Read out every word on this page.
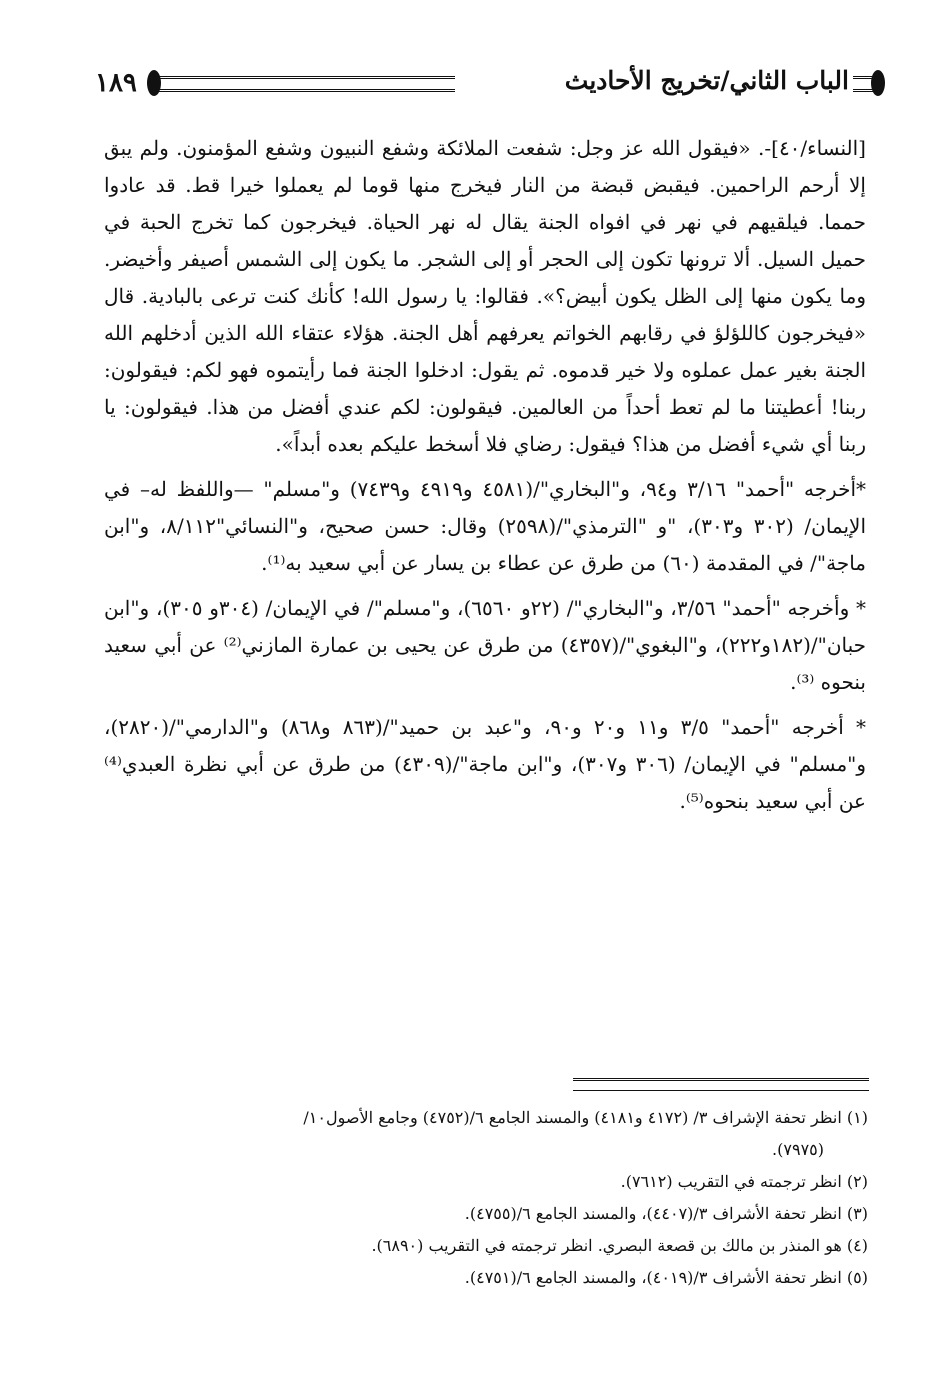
١٨٩	الباب الثاني/تخريج الأحاديث

[النساء/٤٠]-. «فيقول الله عز وجل: شفعت الملائكة وشفع النبيون وشفع المؤمنون. ولم يبق إلا أرحم الراحمين. فيقبض قبضة من النار فيخرج منها قوما لم يعملوا خيرا قط. قد عادوا حمما. فيلقيهم في نهر في افواه الجنة يقال له نهر الحياة. فيخرجون كما تخرج الحبة في حميل السيل. ألا ترونها تكون إلى الحجر أو إلى الشجر. ما يكون إلى الشمس أصيفر وأخيضر. وما يكون منها إلى الظل يكون أبيض؟». فقالوا: يا رسول الله! كأنك كنت ترعى بالبادية. قال «فيخرجون كاللؤلؤ في رقابهم الخواتم يعرفهم أهل الجنة. هؤلاء عتقاء الله الذين أدخلهم الله الجنة بغير عمل عملوه ولا خير قدموه. ثم يقول: ادخلوا الجنة فما رأيتموه فهو لكم: فيقولون: ربنا! أعطيتنا ما لم تعط أحداً من العالمين. فيقولون: لكم عندي أفضل من هذا. فيقولون: يا ربنا أي شيء أفضل من هذا؟ فيقول: رضاي فلا أسخط عليكم بعده أبداً».

*أخرجه "أحمد" ٣/١٦ و٩٤، و"البخاري"/(٤٥٨١ و٤٩١٩ و٧٤٣٩) و"مسلم" —واللفظ له– في الإيمان/ (٣٠٢ و٣٠٣)، "و "الترمذي"/(٢٥٩٨) وقال: حسن صحيح، و"النسائي"٨/١١٢، و"ابن ماجة"/ في المقدمة (٦٠) من طرق عن عطاء بن يسار عن أبي سعيد به⁽¹⁾.

* وأخرجه "أحمد" ٣/٥٦، و"البخاري"/ (٢٢و ٦٥٦٠)، و"مسلم"/ في الإيمان/ (٣٠٤و ٣٠٥)، و"ابن حبان"/(١٨٢و٢٢٢)، و"البغوي"/(٤٣٥٧) من طرق عن يحيى بن عمارة المازني⁽²⁾ عن أبي سعيد بنحوه ⁽³⁾.

* أخرجه "أحمد" ٣/٥ و١١ و٢٠ و٩٠، و"عبد بن حميد"/(٨٦٣ و٨٦٨) و"الدارمي"/(٢٨٢٠)، و"مسلم" في الإيمان/ (٣٠٦ و٣٠٧)، و"ابن ماجة"/(٤٣٠٩) من طرق عن أبي نظرة العبدي⁽⁴⁾ عن أبي سعيد بنحوه⁽⁵⁾.

(١) انظر تحفة الإشراف ٣/ (٤١٧٢ و٤١٨١) والمسند الجامع ٦/(٤٧٥٢) وجامع الأصول١٠/
(٧٩٧٥).

(٢) انظر ترجمته في التقريب (٧٦١٢).

(٣) انظر تحفة الأشراف ٣/(٤٤٠٧)، والمسند الجامع ٦/(٤٧٥٥).

(٤) هو المنذر بن مالك بن قصعة البصري. انظر ترجمته في التقريب (٦٨٩٠).

(٥) انظر تحفة الأشراف ٣/(٤٠١٩)، والمسند الجامع ٦/(٤٧٥١).
